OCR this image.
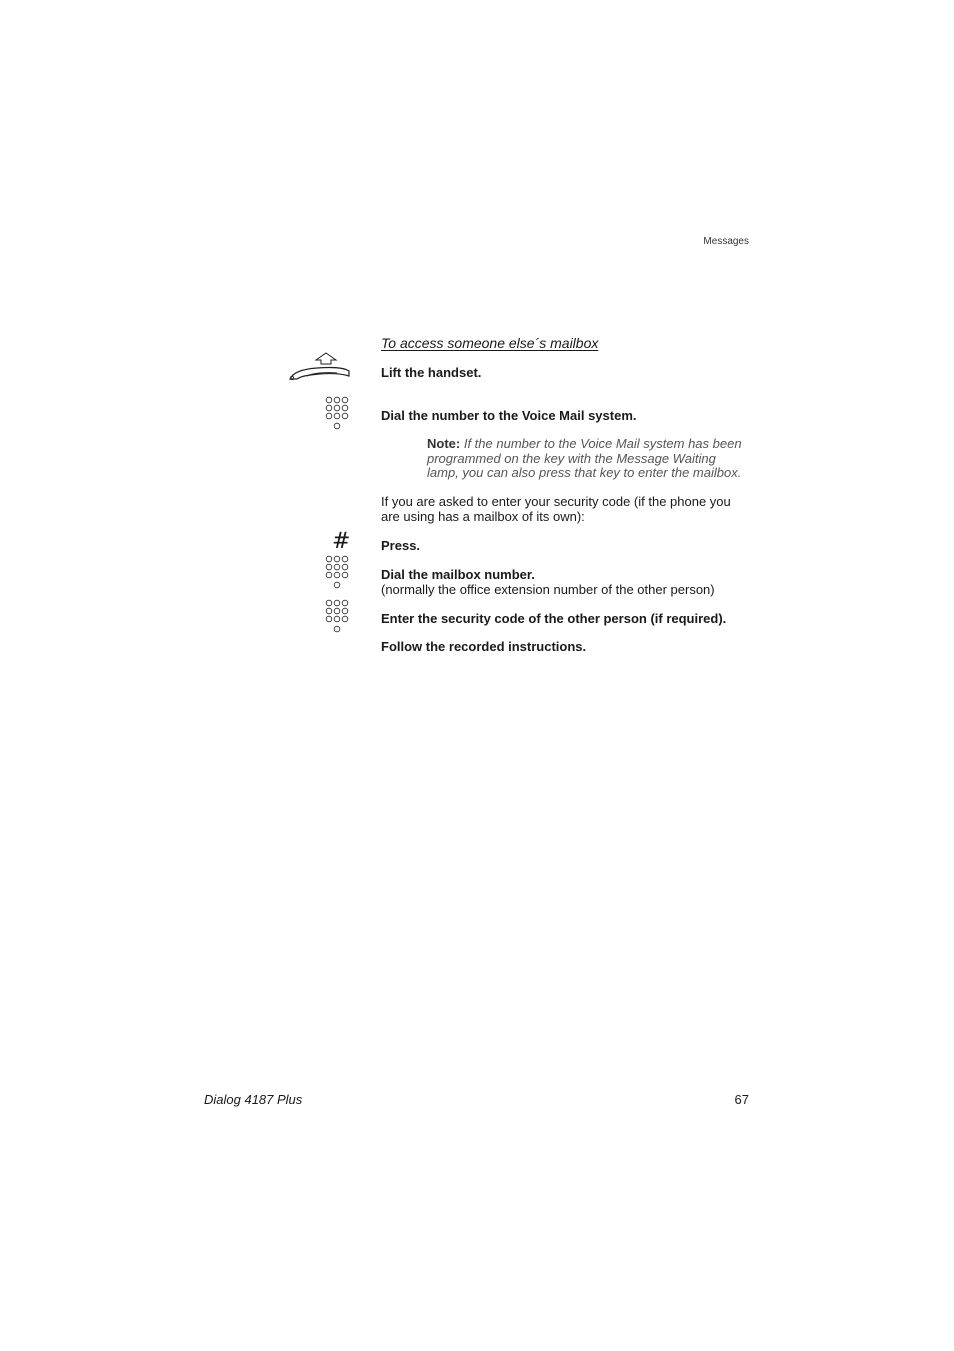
Messages
To access someone else´s mailbox
Lift the handset.
Dial the number to the Voice Mail system.
Note: If the number to the Voice Mail system has been programmed on the key with the Message Waiting lamp, you can also press that key to enter the mailbox.
If you are asked to enter your security code (if the phone you are using has a mailbox of its own):
# Press.
Dial the mailbox number.
(normally the office extension number of the other person)
Enter the security code of the other person (if required).
Follow the recorded instructions.
Dialog 4187 Plus	67
